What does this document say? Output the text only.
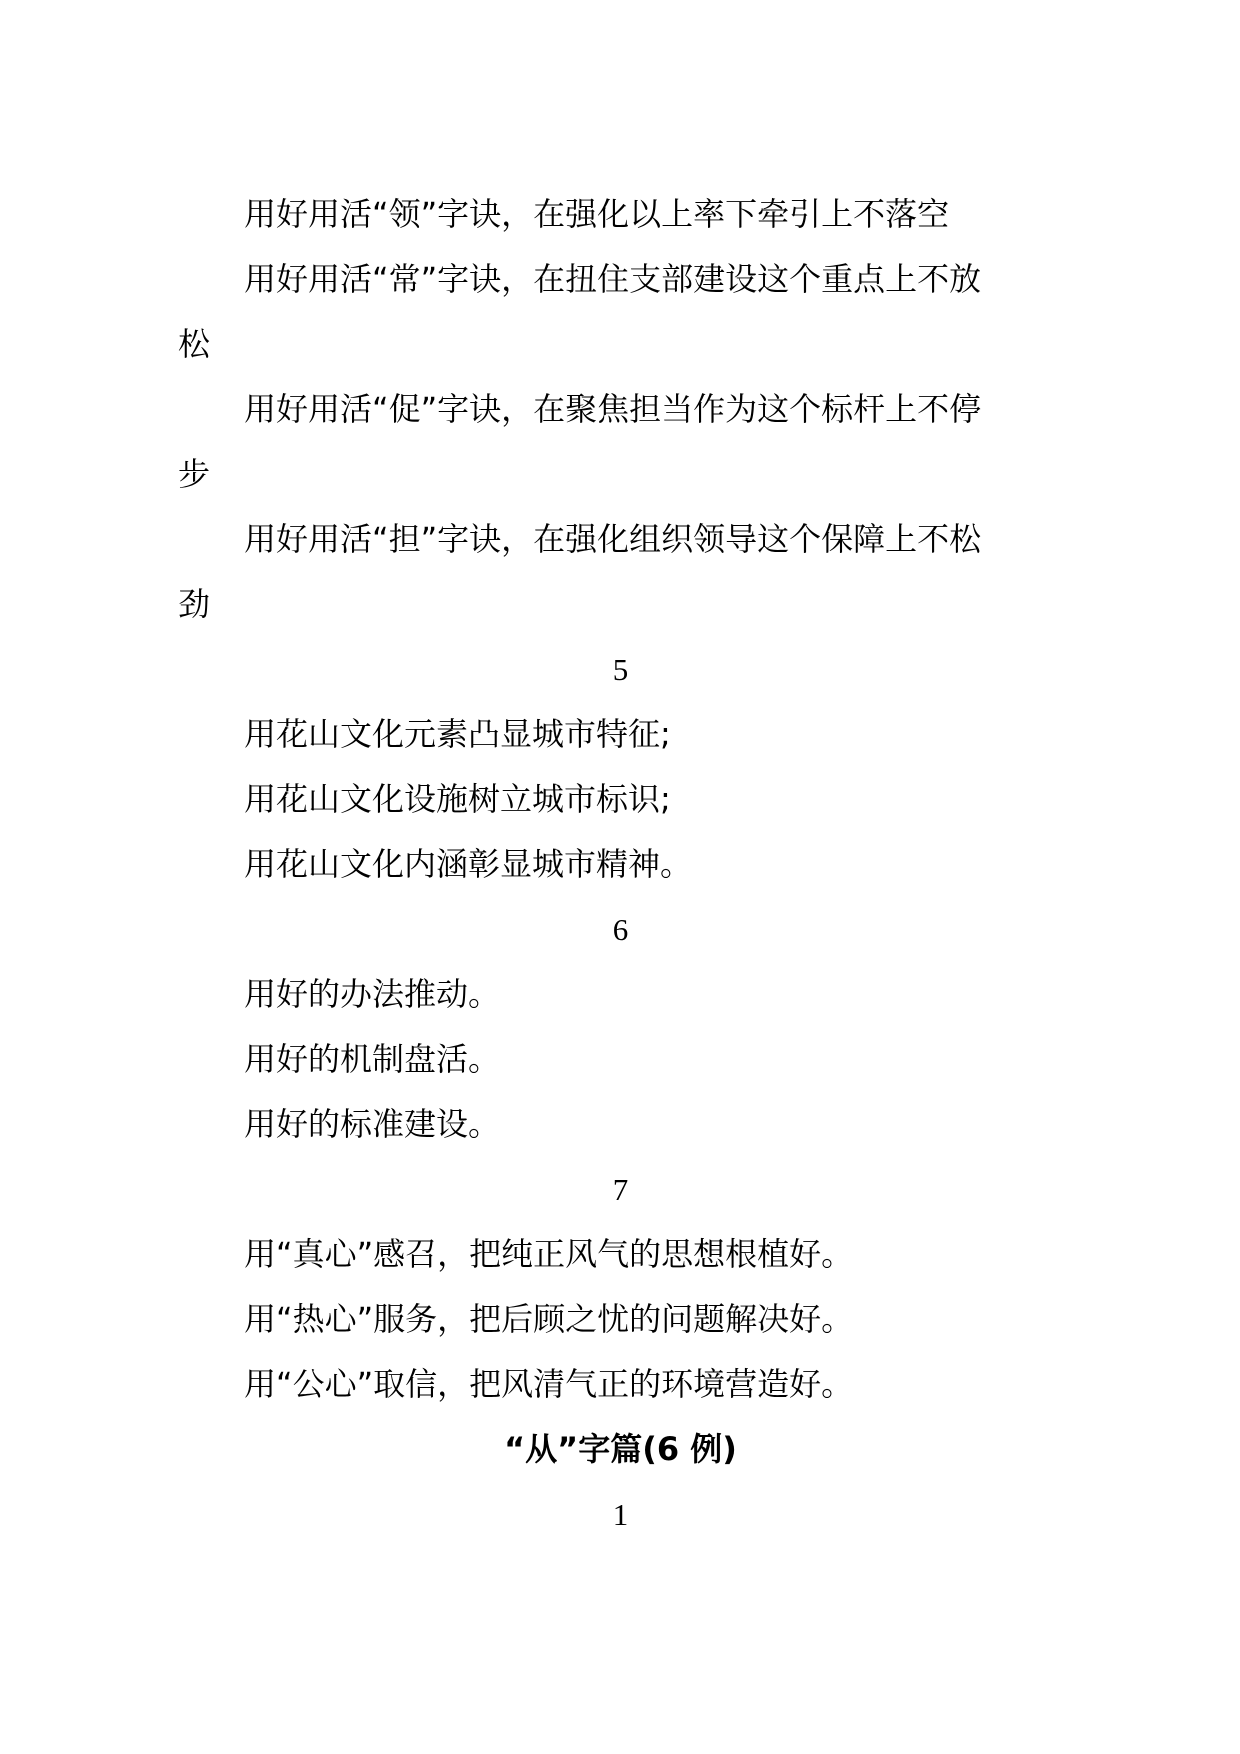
用好用活“领”字诀，在强化以上率下牵引上不落空
用好用活“常”字诀，在扭住支部建设这个重点上不放
松
用好用活“促”字诀，在聚焦担当作为这个标杆上不停
步
用好用活“担”字诀，在强化组织领导这个保障上不松
劲
5
用花山文化元素凸显城市特征;
用花山文化设施树立城市标识;
用花山文化内涵彰显城市精神。
6
用好的办法推动。
用好的机制盘活。
用好的标准建设。
7
用“真心”感召，把纯正风气的思想根植好。
用“热心”服务，把后顾之忧的问题解决好。
用“公心”取信，把风清气正的环境营造好。
“从”字篇(6 例)
1
